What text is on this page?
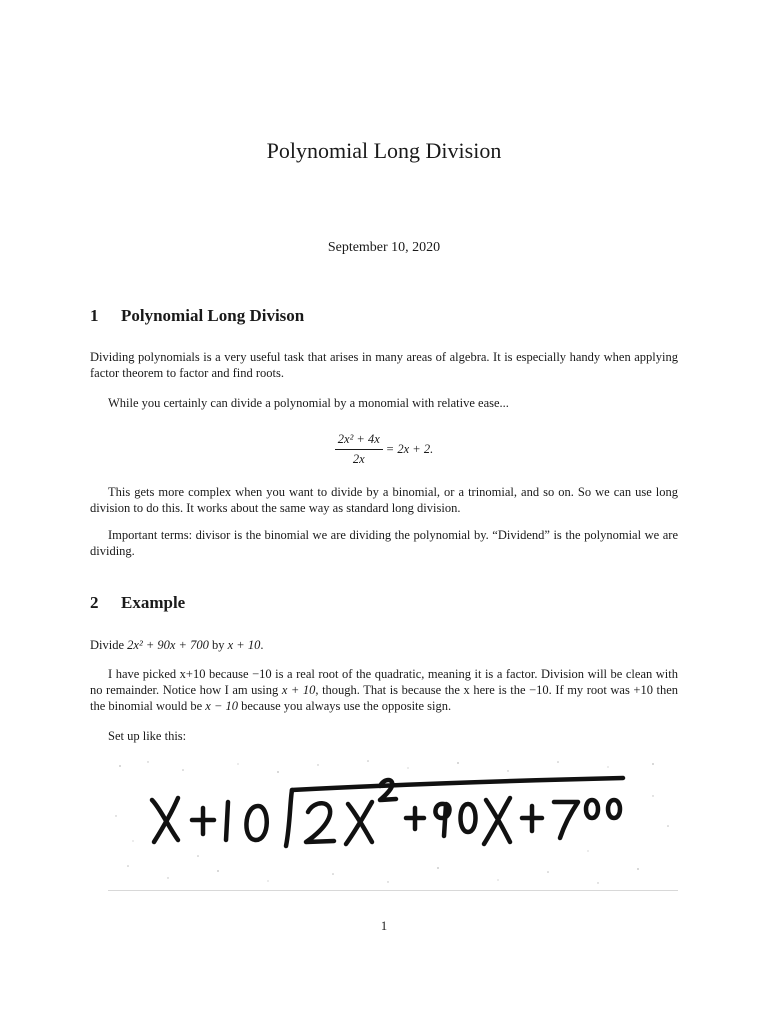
Polynomial Long Division
September 10, 2020
1 Polynomial Long Divison

Dividing polynomials is a very useful task that arises in many areas of algebra. It is especially handy when applying factor theorem to factor and find roots.

While you certainly can divide a polynomial by a monomial with relative ease...

$\frac{\text{2x² + 4x}}{2x} = 2x + 2$.

This gets more complex when you want to divide by a binomial, or a trinomial, and so on. So we can use long division to do this. It works about the same way as standard long division.

Important terms: divisor is the binomial we are dividing the polynomial by. “Dividend” is the polynomial we are dividing.

2 Example

Divide 2x² + 90x + 700 by x + 10.

I have picked x+10 because −10 is a real root of the quadratic, meaning it is a factor. Division will be clean with no remainder. Notice how I am using x + 10, though. That is because the x here is the −10. If my root was +10 then the binomial would be x − 10 because you always use the opposite sign.

Set up like this:

1
